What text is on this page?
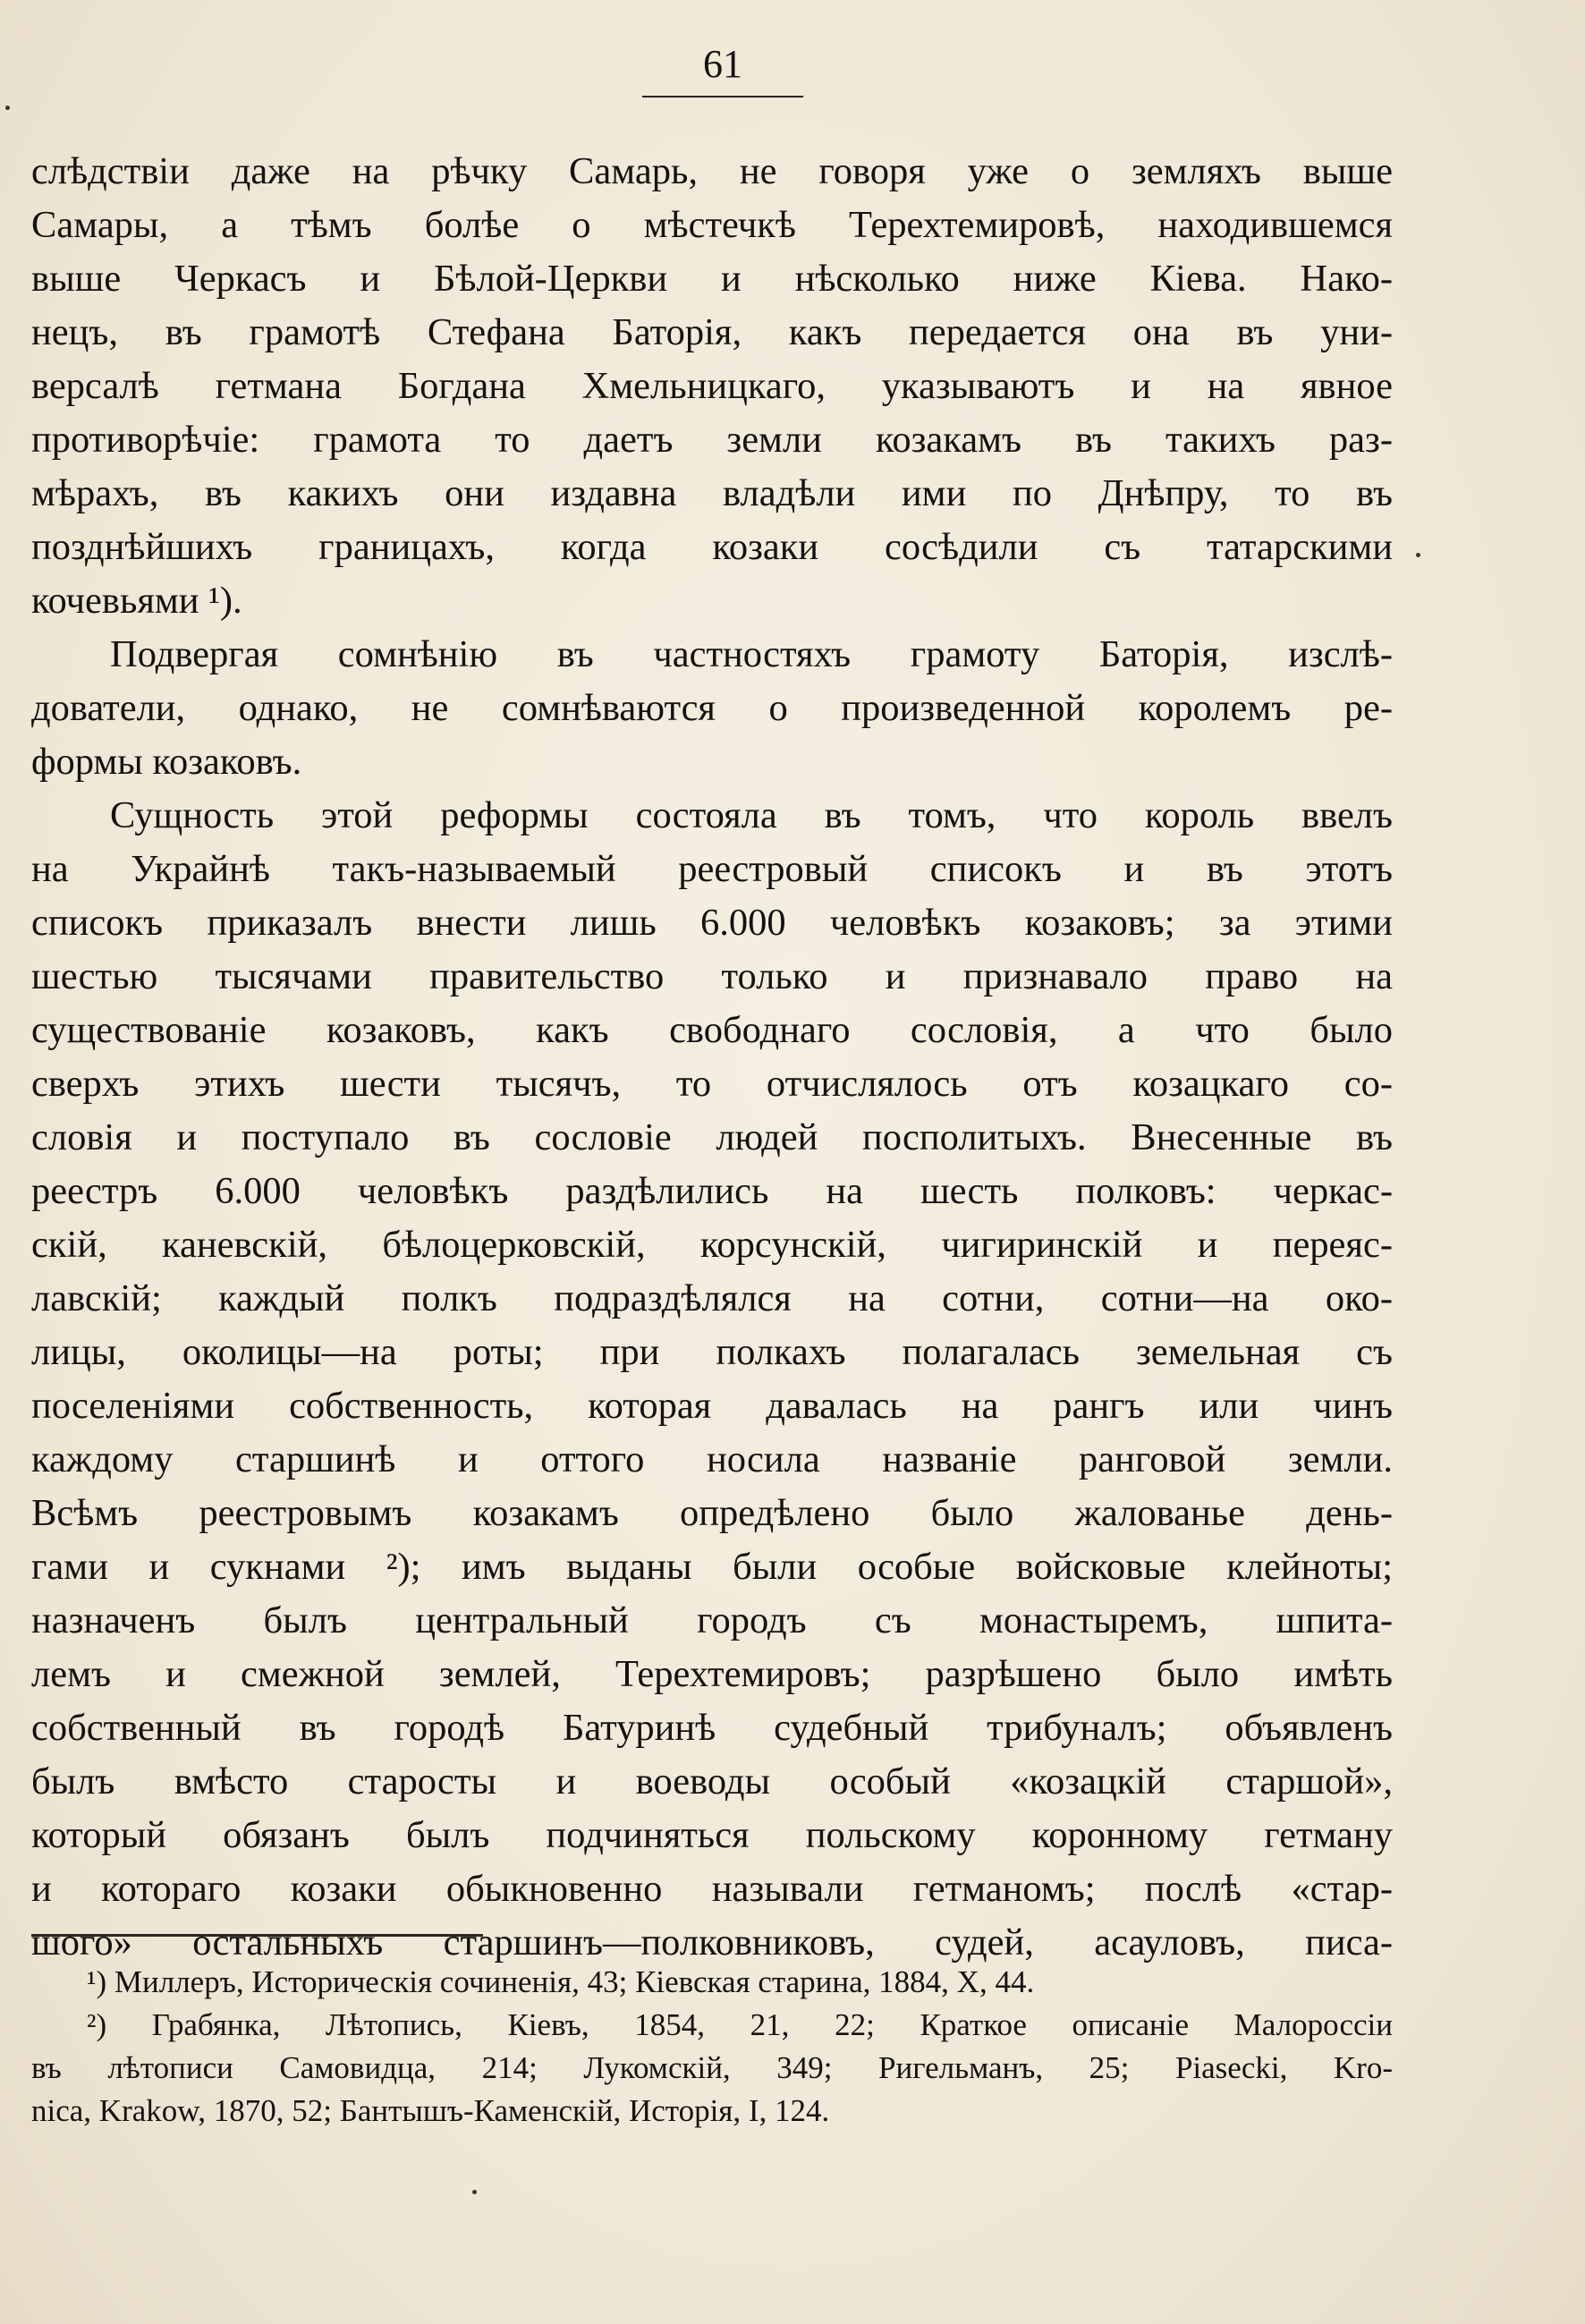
61
слѣдствіи даже на рѣчку Самарь, не говоря уже о земляхъ выше
Самары, а тѣмъ болѣе о мѣстечкѣ Терехтемировѣ, находившемся
выше Черкасъ и Бѣлой-Церкви и нѣсколько ниже Кіева. Нако-
нецъ, въ грамотѣ Стефана Баторія, какъ передается она въ уни-
версалѣ гетмана Богдана Хмельницкаго, указываютъ и на явное
противорѣчіе: грамота то даетъ земли козакамъ въ такихъ раз-
мѣрахъ, въ какихъ они издавна владѣли ими по Днѣпру, то въ
позднѣйшихъ границахъ, когда козаки сосѣдили съ татарскими
кочевьями ¹).
Подвергая сомнѣнію въ частностяхъ грамоту Баторія, изслѣ-
дователи, однако, не сомнѣваются о произведенной королемъ ре-
формы козаковъ.
Сущность этой реформы состояла въ томъ, что король ввелъ
на Украйнѣ такъ-называемый реестровый списокъ и въ этотъ
списокъ приказалъ внести лишь 6.000 человѣкъ козаковъ; за этими
шестью тысячами правительство только и признавало право на
существованіе козаковъ, какъ свободнаго сословія, а что было
сверхъ этихъ шести тысячъ, то отчислялось отъ козацкаго со-
словія и поступало въ сословіе людей посполитыхъ. Внесенные въ
реестръ 6.000 человѣкъ раздѣлились на шесть полковъ: черкас-
скій, каневскій, бѣлоцерковскій, корсунскій, чигиринскій и переяс-
лавскій; каждый полкъ подраздѣлялся на сотни, сотни—на око-
лицы, околицы—на роты; при полкахъ полагалась земельная съ
поселеніями собственность, которая давалась на рангъ или чинъ
каждому старшинѣ и оттого носила названіе ранговой земли.
Всѣмъ реестровымъ козакамъ опредѣлено было жалованье день-
гами и сукнами ²); имъ выданы были особые войсковые клейноты;
назначенъ былъ центральный городъ съ монастыремъ, шпита-
лемъ и смежной землей, Терехтемировъ; разрѣшено было имѣть
собственный въ городѣ Батуринѣ судебный трибуналъ; объявленъ
былъ вмѣсто старосты и воеводы особый «козацкій старшой»,
который обязанъ былъ подчиняться польскому коронному гетману
и котораго козаки обыкновенно называли гетманомъ; послѣ «стар-
шого» остальныхъ старшинъ—полковниковъ, судей, асауловъ, писа-
¹) Миллеръ, Историческія сочиненія, 43; Кіевская старина, 1884, X, 44.
²) Грабянка, Лѣтопись, Кіевъ, 1854, 21, 22; Краткое описаніе Малороссіи
въ лѣтописи Самовидца, 214; Лукомскій, 349; Ригельманъ, 25; Piasecki, Kro-
nica, Krakow, 1870, 52; Бантышъ-Каменскій, Исторія, I, 124.
